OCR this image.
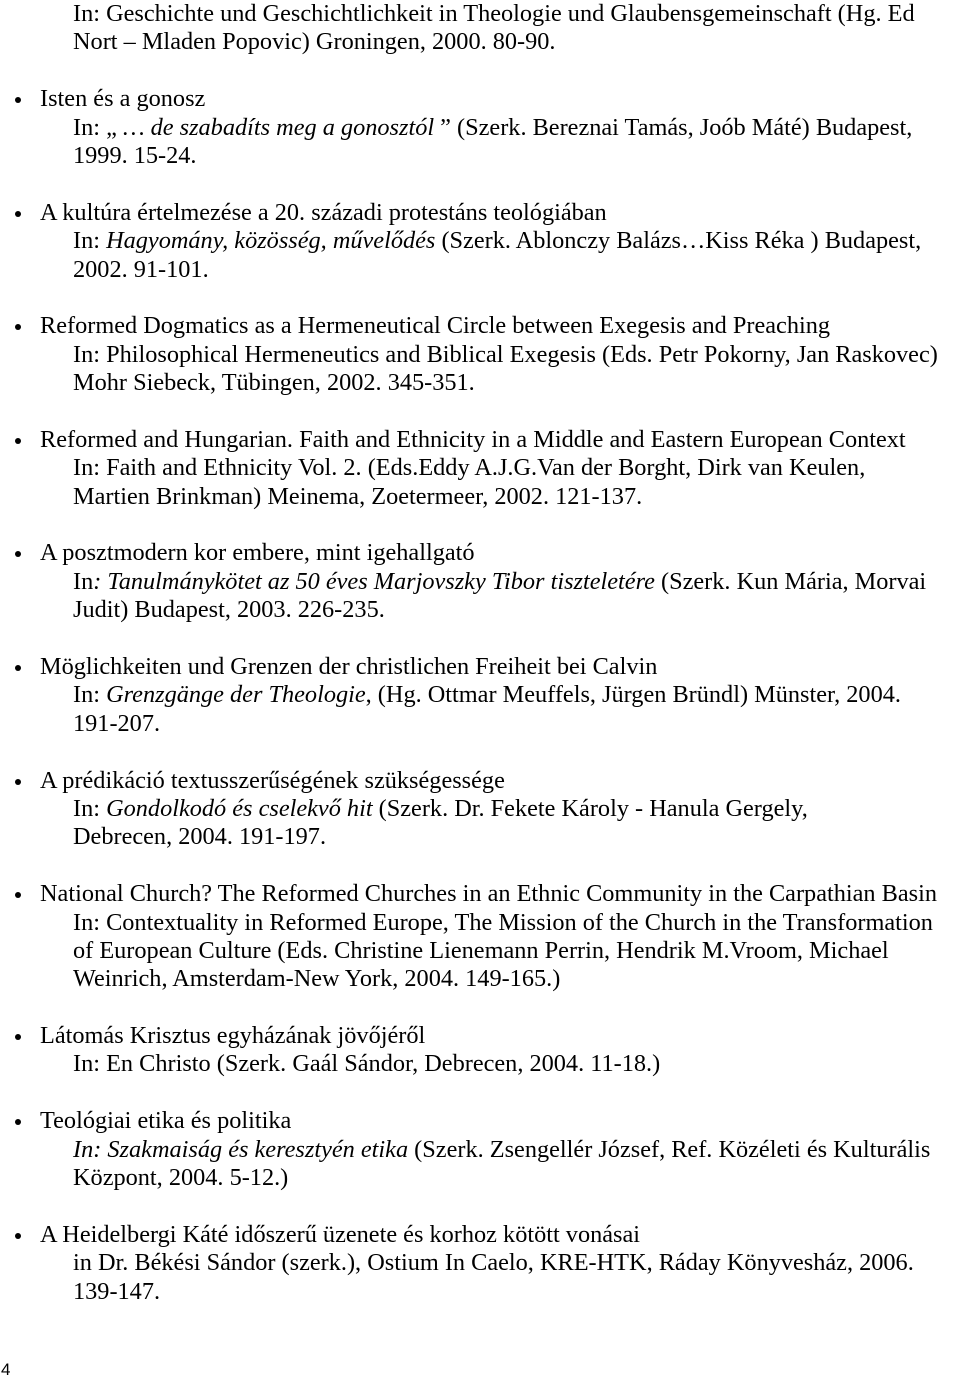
In: Geschichte und Geschichtlichkeit in Theologie und Glaubensgemeinschaft (Hg. Ed
Nort – Mladen Popovic) Groningen, 2000. 80-90.
Isten és a gonosz
In: „ … de szabadíts meg a gonosztól ” (Szerk. Bereznai Tamás, Joób Máté) Budapest,
1999. 15-24.
A kultúra értelmezése a 20. századi protestáns teológiában
In: Hagyomány, közösség, művelődés (Szerk. Ablonczy Balázs…Kiss Réka ) Budapest,
2002. 91-101.
Reformed Dogmatics as a Hermeneutical Circle between Exegesis and Preaching
In: Philosophical Hermeneutics and Biblical Exegesis (Eds. Petr Pokorny, Jan Raskovec)
Mohr Siebeck, Tübingen, 2002. 345-351.
Reformed and Hungarian. Faith and Ethnicity in a Middle and Eastern European Context
In: Faith and Ethnicity Vol. 2. (Eds.Eddy A.J.G.Van der Borght, Dirk van Keulen,
Martien Brinkman) Meinema, Zoetermeer, 2002. 121-137.
A posztmodern kor embere, mint igehallgató
In: Tanulmánykötet az 50 éves Marjovszky Tibor tiszteletére (Szerk. Kun Mária, Morvai
Judit) Budapest, 2003. 226-235.
Möglichkeiten und Grenzen der christlichen Freiheit bei Calvin
In: Grenzgänge der Theologie, (Hg. Ottmar Meuffels, Jürgen Bründl) Münster, 2004.
191-207.
A prédikáció textusszerűségének szükségessége
In: Gondolkodó és cselekvő hit (Szerk. Dr. Fekete Károly - Hanula Gergely,
Debrecen, 2004. 191-197.
National Church? The Reformed Churches in an Ethnic Community in the Carpathian Basin
In: Contextuality in Reformed Europe, The Mission of the Church in the Transformation
of European Culture (Eds. Christine Lienemann Perrin, Hendrik M.Vroom, Michael
Weinrich, Amsterdam-New York, 2004. 149-165.)
Látomás Krisztus egyházának jövőjéről
In: En Christo (Szerk. Gaál Sándor, Debrecen, 2004. 11-18.)
Teológiai etika és politika
In: Szakmaiság és keresztyén etika (Szerk. Zsengellér József, Ref. Közéleti és Kulturális
Központ, 2004. 5-12.)
A Heidelbergi Káté időszerű üzenete és korhoz kötött vonásai
in Dr. Békési Sándor (szerk.), Ostium In Caelo, KRE-HTK, Ráday Könyvesház, 2006.
139-147.
4
